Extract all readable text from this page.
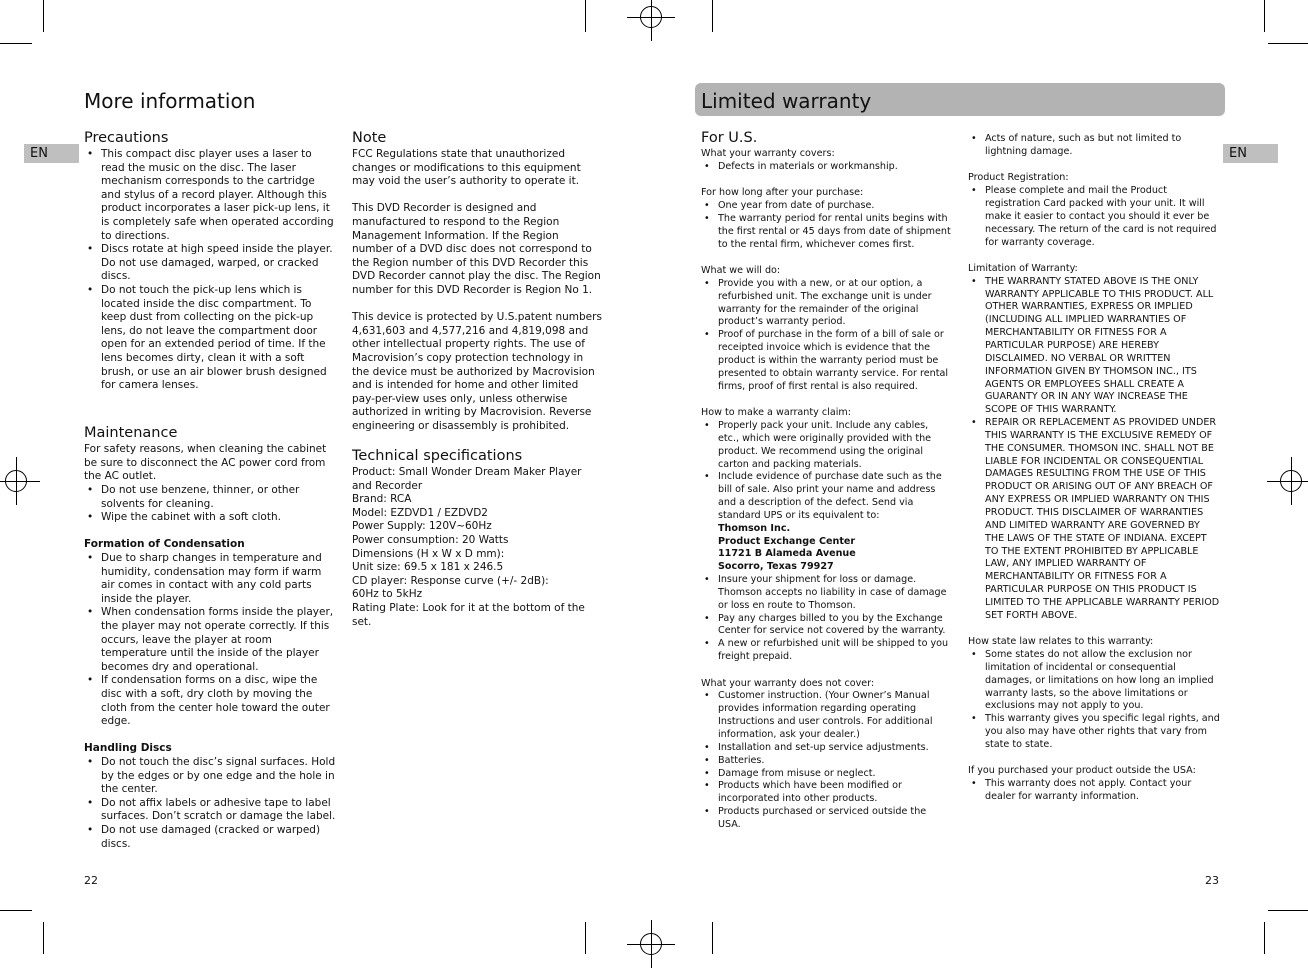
More information
EN
Precautions
• This compact disc player uses a laser to read the music on the disc. The laser mechanism corresponds to the cartridge and stylus of a record player. Although this product incorporates a laser pick-up lens, it is completely safe when operated according to directions.
• Discs rotate at high speed inside the player. Do not use damaged, warped, or cracked discs.
• Do not touch the pick-up lens which is located inside the disc compartment. To keep dust from collecting on the pick-up lens, do not leave the compartment door open for an extended period of time. If the lens becomes dirty, clean it with a soft brush, or use an air blower brush designed for camera lenses.
Maintenance

For safety reasons, when cleaning the cabinet be sure to disconnect the AC power cord from the AC outlet.

• Do not use benzene, thinner, or other solvents for cleaning.
• Wipe the cabinet with a soft cloth.
Formation of Condensation
• Due to sharp changes in temperature and humidity, condensation may form if warm air comes in contact with any cold parts inside the player.
• When condensation forms inside the player, the player may not operate correctly. If this occurs, leave the player at room temperature until the inside of the player becomes dry and operational.
• If condensation forms on a disc, wipe the disc with a soft, dry cloth by moving the cloth from the center hole toward the outer edge.
Handling Discs
• Do not touch the disc’s signal surfaces. Hold by the edges or by one edge and the hole in the center.
• Do not affix labels or adhesive tape to label surfaces. Don’t scratch or damage the label.
• Do not use damaged (cracked or warped) discs.
Note

FCC Regulations state that unauthorized changes or modifications to this equipment may void the user’s authority to operate it.

This DVD Recorder is designed and manufactured to respond to the Region Management Information. If the Region number of a DVD disc does not correspond to the Region number of this DVD Recorder this DVD Recorder cannot play the disc. The Region number for this DVD Recorder is Region No 1.

This device is protected by U.S.patent numbers 4,631,603 and 4,577,216 and 4,819,098 and other intellectual property rights. The use of Macrovision’s copy protection technology in the device must be authorized by Macrovision and is intended for home and other limited pay-per-view uses only, unless otherwise authorized in writing by Macrovision. Reverse engineering or disassembly is prohibited.

Technical specifications

Product: Small Wonder Dream Maker Player and Recorder

Brand: RCA

Model: EZDVD1 / EZDVD2

Power Supply: 120V~60Hz

Power consumption: 20 Watts

Dimensions (H x W x D mm):

Unit size: 69.5 x 181 x 246.5

CD player: Response curve (+/- 2dB):

60Hz to 5kHz

Rating Plate: Look for it at the bottom of the set.

22
Limited warranty
EN
For U.S.

What your warranty covers:

• Defects in materials or workmanship.

For how long after your purchase:

• One year from date of purchase.
• The warranty period for rental units begins with the first rental or 45 days from date of shipment to the rental firm, whichever comes first.

What we will do:

• Provide you with a new, or at our option, a refurbished unit. The exchange unit is under warranty for the remainder of the original product’s warranty period.
• Proof of purchase in the form of a bill of sale or receipted invoice which is evidence that the product is within the warranty period must be presented to obtain warranty service. For rental firms, proof of first rental is also required.

How to make a warranty claim:

• Properly pack your unit. Include any cables, etc., which were originally provided with the product. We recommend using the original carton and packing materials.
• Include evidence of purchase date such as the bill of sale. Also print your name and address and a description of the defect. Send via standard UPS or its equivalent to:
Thomson Inc.
Product Exchange Center
11721 B Alameda Avenue
Socorro, Texas 79927
• Insure your shipment for loss or damage. Thomson accepts no liability in case of damage or loss en route to Thomson.
• Pay any charges billed to you by the Exchange Center for service not covered by the warranty.
• A new or refurbished unit will be shipped to you freight prepaid.

What your warranty does not cover:

• Customer instruction. (Your Owner’s Manual provides information regarding operating Instructions and user controls. For additional information, ask your dealer.)
• Installation and set-up service adjustments.
• Batteries.
• Damage from misuse or neglect.
• Products which have been modified or incorporated into other products.
• Products purchased or serviced outside the USA.
• Acts of nature, such as but not limited to lightning damage.

Product Registration:

• Please complete and mail the Product registration Card packed with your unit. It will make it easier to contact you should it ever be necessary. The return of the card is not required for warranty coverage.

Limitation of Warranty:

• THE WARRANTY STATED ABOVE IS THE ONLY WARRANTY APPLICABLE TO THIS PRODUCT. ALL OTHER WARRANTIES, EXPRESS OR IMPLIED (INCLUDING ALL IMPLIED WARRANTIES OF MERCHANTABILITY OR FITNESS FOR A PARTICULAR PURPOSE) ARE HEREBY DISCLAIMED. NO VERBAL OR WRITTEN INFORMATION GIVEN BY THOMSON INC., ITS AGENTS OR EMPLOYEES SHALL CREATE A GUARANTY OR IN ANY WAY INCREASE THE SCOPE OF THIS WARRANTY.
• REPAIR OR REPLACEMENT AS PROVIDED UNDER THIS WARRANTY IS THE EXCLUSIVE REMEDY OF THE CONSUMER. THOMSON INC. SHALL NOT BE LIABLE FOR INCIDENTAL OR CONSEQUENTIAL DAMAGES RESULTING FROM THE USE OF THIS PRODUCT OR ARISING OUT OF ANY BREACH OF ANY EXPRESS OR IMPLIED WARRANTY ON THIS PRODUCT. THIS DISCLAIMER OF WARRANTIES AND LIMITED WARRANTY ARE GOVERNED BY THE LAWS OF THE STATE OF INDIANA. EXCEPT TO THE EXTENT PROHIBITED BY APPLICABLE LAW, ANY IMPLIED WARRANTY OF MERCHANTABILITY OR FITNESS FOR A PARTICULAR PURPOSE ON THIS PRODUCT IS LIMITED TO THE APPLICABLE WARRANTY PERIOD SET FORTH ABOVE.

How state law relates to this warranty:

• Some states do not allow the exclusion nor limitation of incidental or consequential damages, or limitations on how long an implied warranty lasts, so the above limitations or exclusions may not apply to you.
• This warranty gives you specific legal rights, and you also may have other rights that vary from state to state.

If you purchased your product outside the USA:

• This warranty does not apply. Contact your dealer for warranty information.
23
